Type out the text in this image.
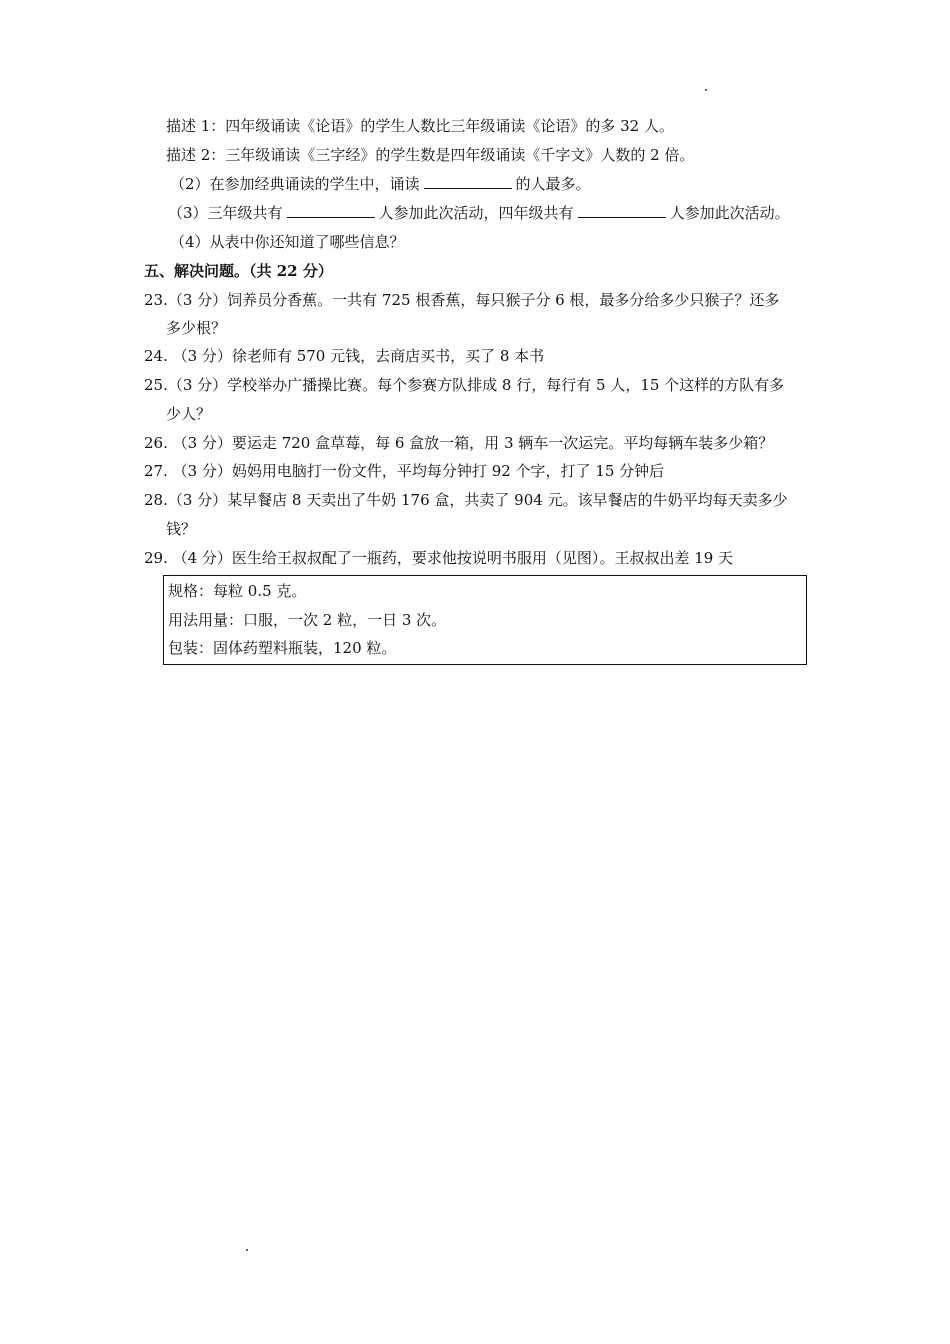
描述 1：四年级诵读《论语》的学生人数比三年级诵读《论语》的多 32 人。
描述 2：三年级诵读《三字经》的学生数是四年级诵读《千字文》人数的 2 倍。
（2）在参加经典诵读的学生中，诵读	的人最多。
（3）三年级共有	人参加此次活动，四年级共有	人参加此次活动。
（4）从表中你还知道了哪些信息？
五、解决问题。（共 22 分）
23.（3 分）饲养员分香蕉。一共有 725 根香蕉，每只猴子分 6 根，最多分给多少只猴子？还多
多少根？
24. （3 分）徐老师有 570 元钱，去商店买书，买了 8 本书
25.（3 分）学校举办广播操比赛。每个参赛方队排成 8 行，每行有 5 人，15 个这样的方队有多
少人？
26. （3 分）要运走 720 盒草莓，每 6 盒放一箱，用 3 辆车一次运完。平均每辆车装多少箱？
27. （3 分）妈妈用电脑打一份文件，平均每分钟打 92 个字，打了 15 分钟后
28.（3 分）某早餐店 8 天卖出了牛奶 176 盒，共卖了 904 元。该早餐店的牛奶平均每天卖多少
钱？
29. （4 分）医生给王叔叔配了一瓶药，要求他按说明书服用（见图）。王叔叔出差 19 天
规格：每粒 0.5 克。
用法用量：口服，一次 2 粒，一日 3 次。
包装：固体药塑料瓶装，120 粒。
